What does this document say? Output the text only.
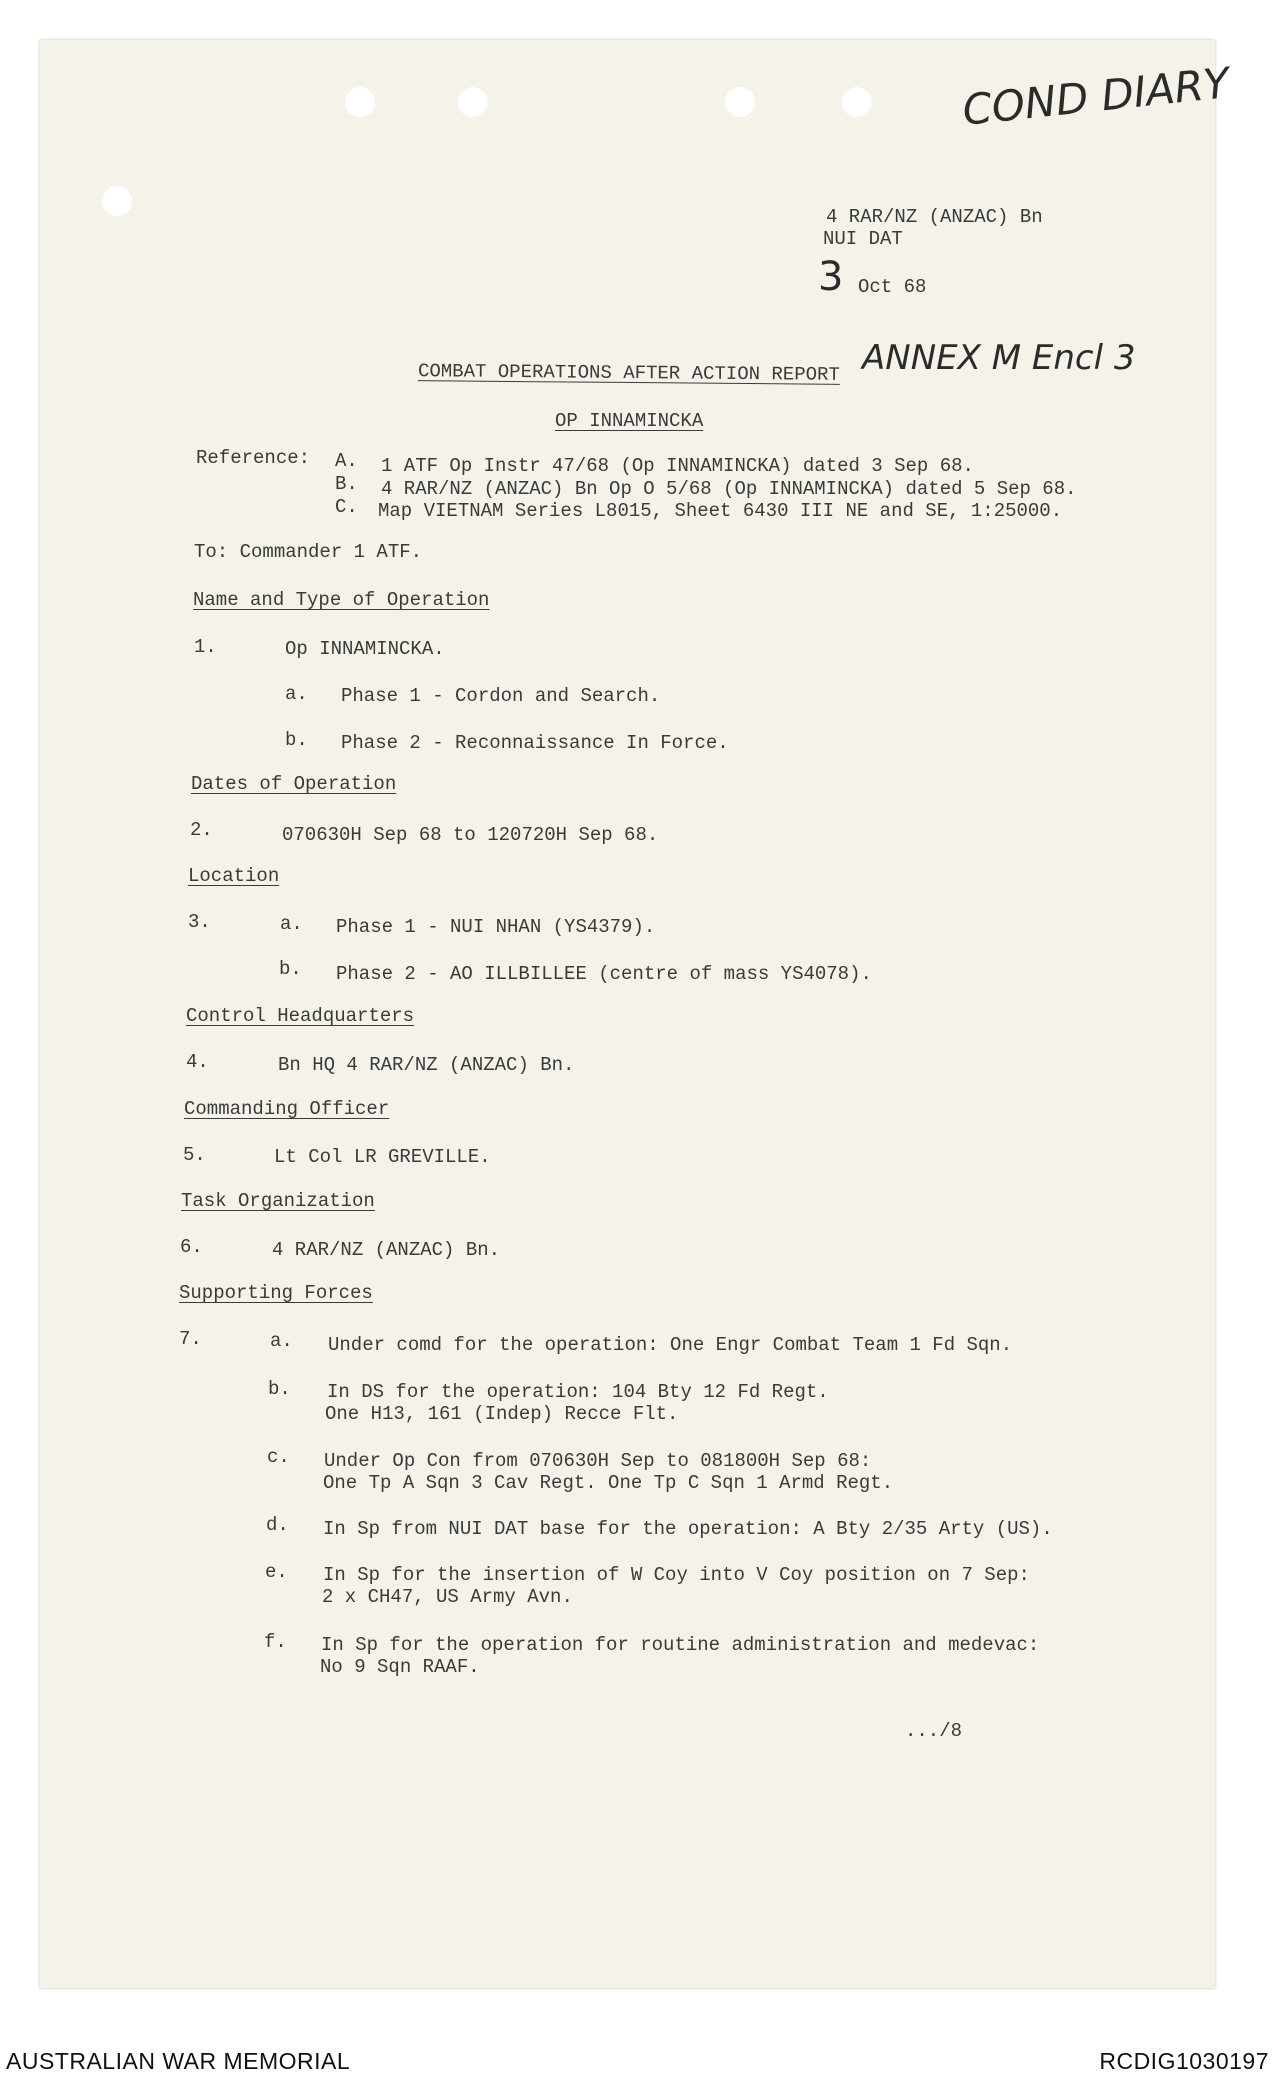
COND DIARY
3
ANNEX M Encl 3
4 RAR/NZ (ANZAC) Bn
NUI DAT
Oct 68
COMBAT OPERATIONS AFTER ACTION REPORT
OP INNAMINCKA
Reference: A. 1 ATF Op Instr 47/68 (Op INNAMINCKA) dated 3 Sep 68.
B. 4 RAR/NZ (ANZAC) Bn Op O 5/68 (Op INNAMINCKA) dated 5 Sep 68.
C. Map VIETNAM Series L8015, Sheet 6430 III NE and SE, 1:25000.
To: Commander 1 ATF.
Name and Type of Operation
1.	Op INNAMINCKA.
a. Phase 1 - Cordon and Search.
b. Phase 2 - Reconnaissance In Force.
Dates of Operation
2.	070630H Sep 68 to 120720H Sep 68.
Location
3.	a. Phase 1 - NUI NHAN (YS4379).
b. Phase 2 - AO ILLBILLEE (centre of mass YS4078).
Control Headquarters
4.	Bn HQ 4 RAR/NZ (ANZAC) Bn.
Commanding Officer
5.	Lt Col LR GREVILLE.
Task Organization
6.	4 RAR/NZ (ANZAC) Bn.
Supporting Forces
7.	a. Under comd for the operation: One Engr Combat Team 1 Fd Sqn.
b. In DS for the operation: 104 Bty 12 Fd Regt.
One H13, 161 (Indep) Recce Flt.
c. Under Op Con from 070630H Sep to 081800H Sep 68:
One Tp A Sqn 3 Cav Regt. One Tp C Sqn 1 Armd Regt.
d. In Sp from NUI DAT base for the operation: A Bty 2/35 Arty (US).
e. In Sp for the insertion of W Coy into V Coy position on 7 Sep:
2 x CH47, US Army Avn.
f. In Sp for the operation for routine administration and medevac:
No 9 Sqn RAAF.
.../8
AUSTRALIAN WAR MEMORIAL	RCDIG1030197
